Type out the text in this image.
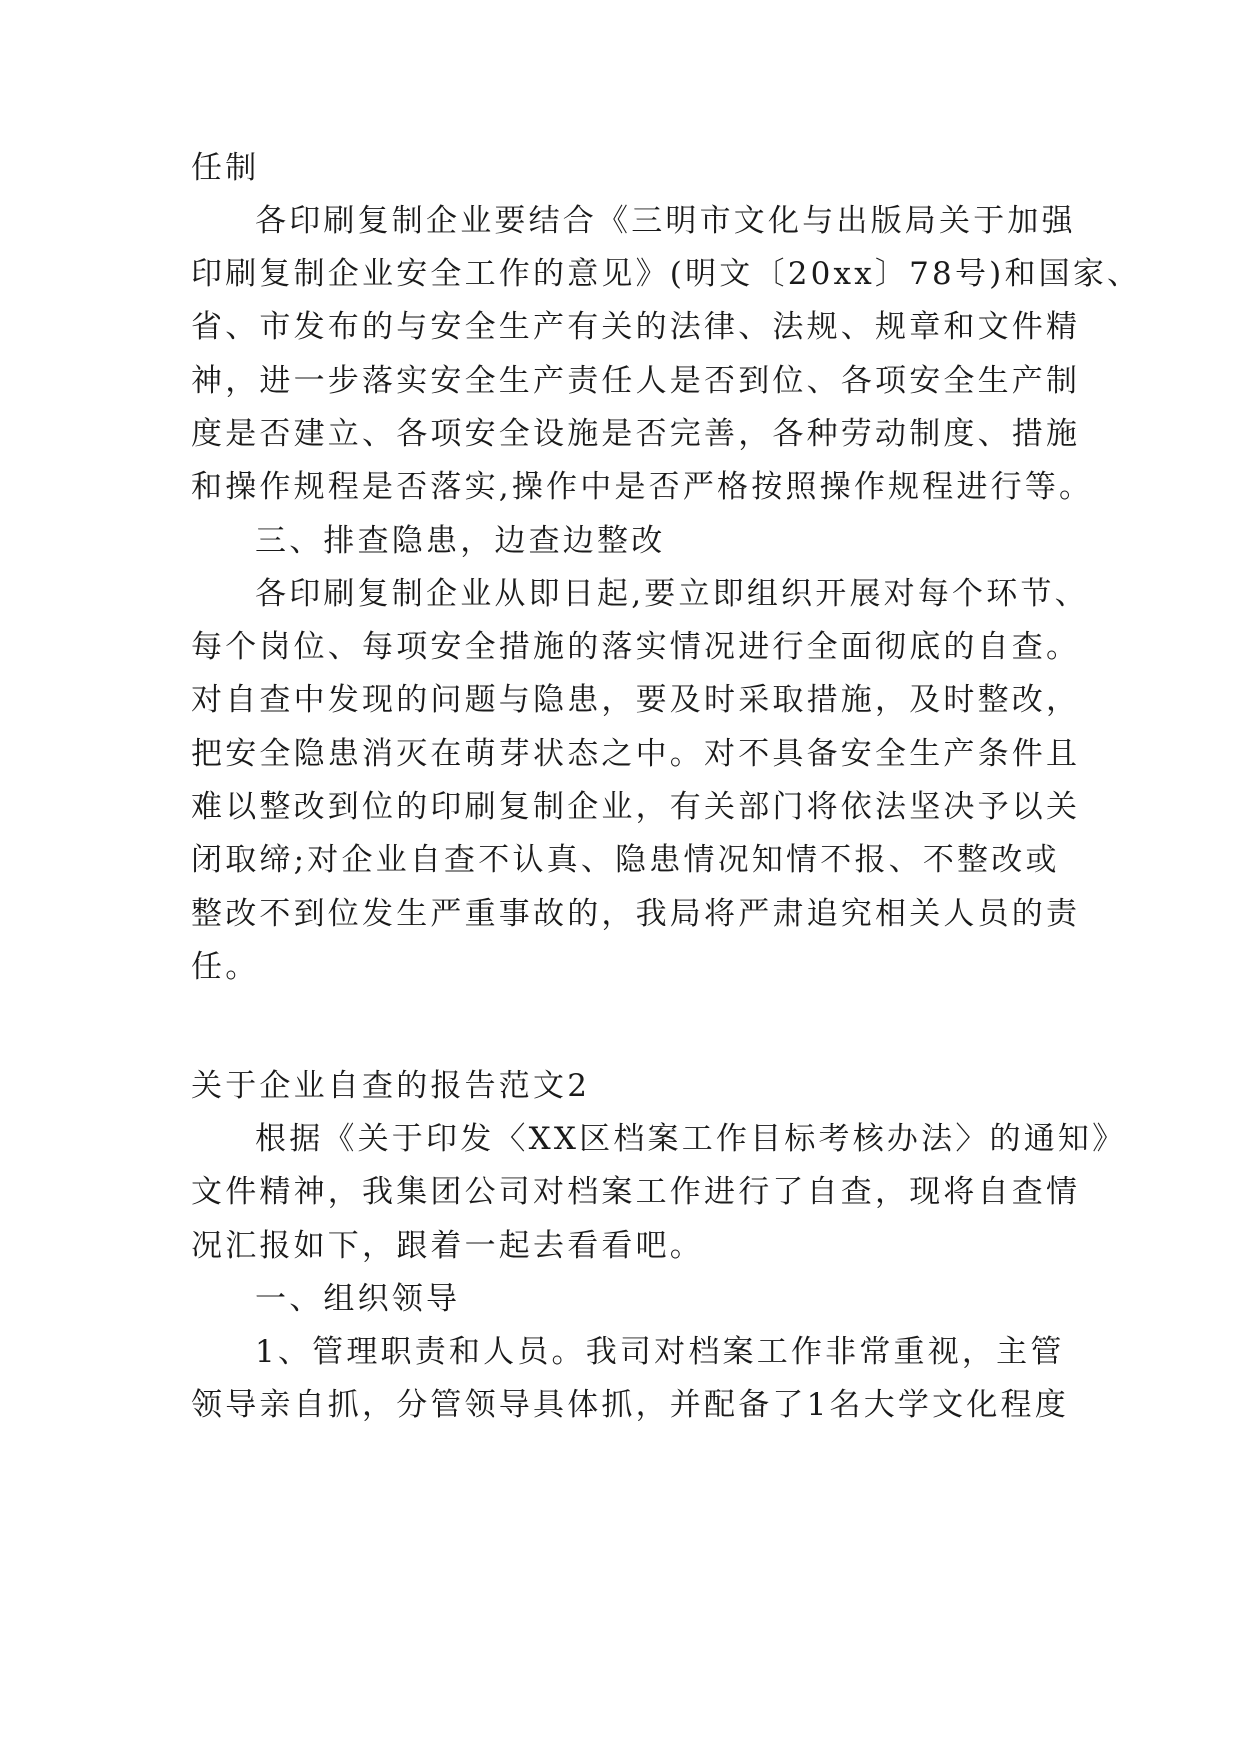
任制
各印刷复制企业要结合《三明市文化与出版局关于加强
印刷复制企业安全工作的意见》(明文〔20xx〕78号)和国家、
省、市发布的与安全生产有关的法律、法规、规章和文件精
神，进一步落实安全生产责任人是否到位、各项安全生产制
度是否建立、各项安全设施是否完善，各种劳动制度、措施
和操作规程是否落实,操作中是否严格按照操作规程进行等。
三、排查隐患，边查边整改
各印刷复制企业从即日起,要立即组织开展对每个环节、
每个岗位、每项安全措施的落实情况进行全面彻底的自查。
对自查中发现的问题与隐患，要及时采取措施，及时整改，
把安全隐患消灭在萌芽状态之中。对不具备安全生产条件且
难以整改到位的印刷复制企业，有关部门将依法坚决予以关
闭取缔;对企业自查不认真、隐患情况知情不报、不整改或
整改不到位发生严重事故的，我局将严肃追究相关人员的责
任。
关于企业自查的报告范文2
根据《关于印发〈XX区档案工作目标考核办法〉的通知》
文件精神，我集团公司对档案工作进行了自查，现将自查情
况汇报如下，跟着一起去看看吧。
一、组织领导
1、管理职责和人员。我司对档案工作非常重视，主管
领导亲自抓，分管领导具体抓，并配备了1名大学文化程度
